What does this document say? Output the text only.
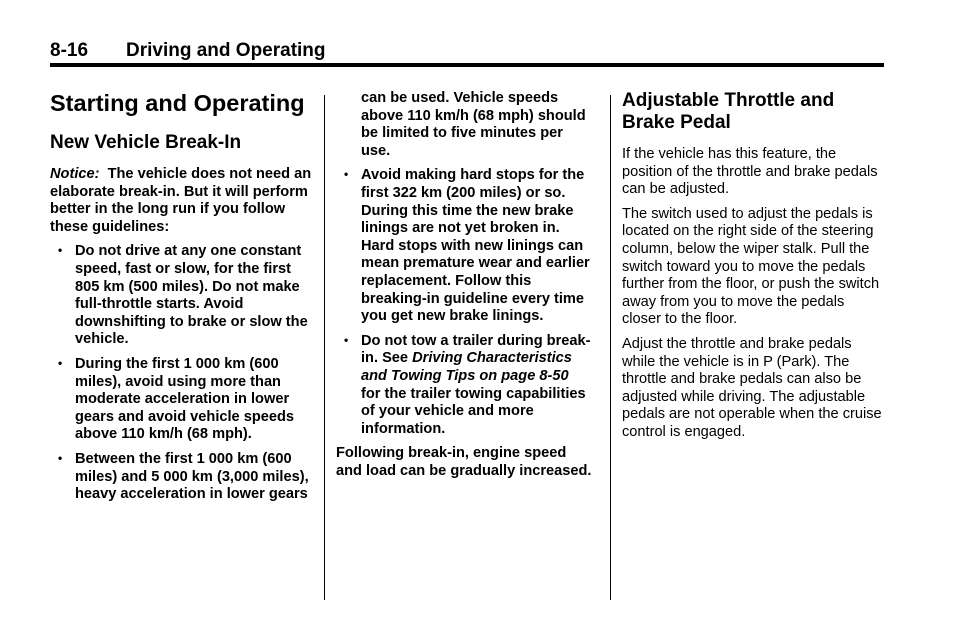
8-16 Driving and Operating
Starting and Operating
New Vehicle Break-In

Notice: The vehicle does not need an elaborate break-in. But it will perform better in the long run if you follow these guidelines:

• Do not drive at any one constant speed, fast or slow, for the first 805 km (500 miles). Do not make full-throttle starts. Avoid downshifting to brake or slow the vehicle.
• During the first 1 000 km (600 miles), avoid using more than moderate acceleration in lower gears and avoid vehicle speeds above 110 km/h (68 mph).
• Between the first 1 000 km (600 miles) and 5 000 km (3,000 miles), heavy acceleration in lower gears

can be used. Vehicle speeds above 110 km/h (68 mph) should be limited to five minutes per use.

• Avoid making hard stops for the first 322 km (200 miles) or so. During this time the new brake linings are not yet broken in. Hard stops with new linings can mean premature wear and earlier replacement. Follow this breaking-in guideline every time you get new brake linings.
• Do not tow a trailer during break-in. See Driving Characteristics and Towing Tips on page 8-50 for the trailer towing capabilities of your vehicle and more information.

Following break-in, engine speed and load can be gradually increased.

Adjustable Throttle and Brake Pedal

If the vehicle has this feature, the position of the throttle and brake pedals can be adjusted.

The switch used to adjust the pedals is located on the right side of the steering column, below the wiper stalk. Pull the switch toward you to move the pedals further from the floor, or push the switch away from you to move the pedals closer to the floor.

Adjust the throttle and brake pedals while the vehicle is in P (Park). The throttle and brake pedals can also be adjusted while driving. The adjustable pedals are not operable when the cruise control is engaged.
